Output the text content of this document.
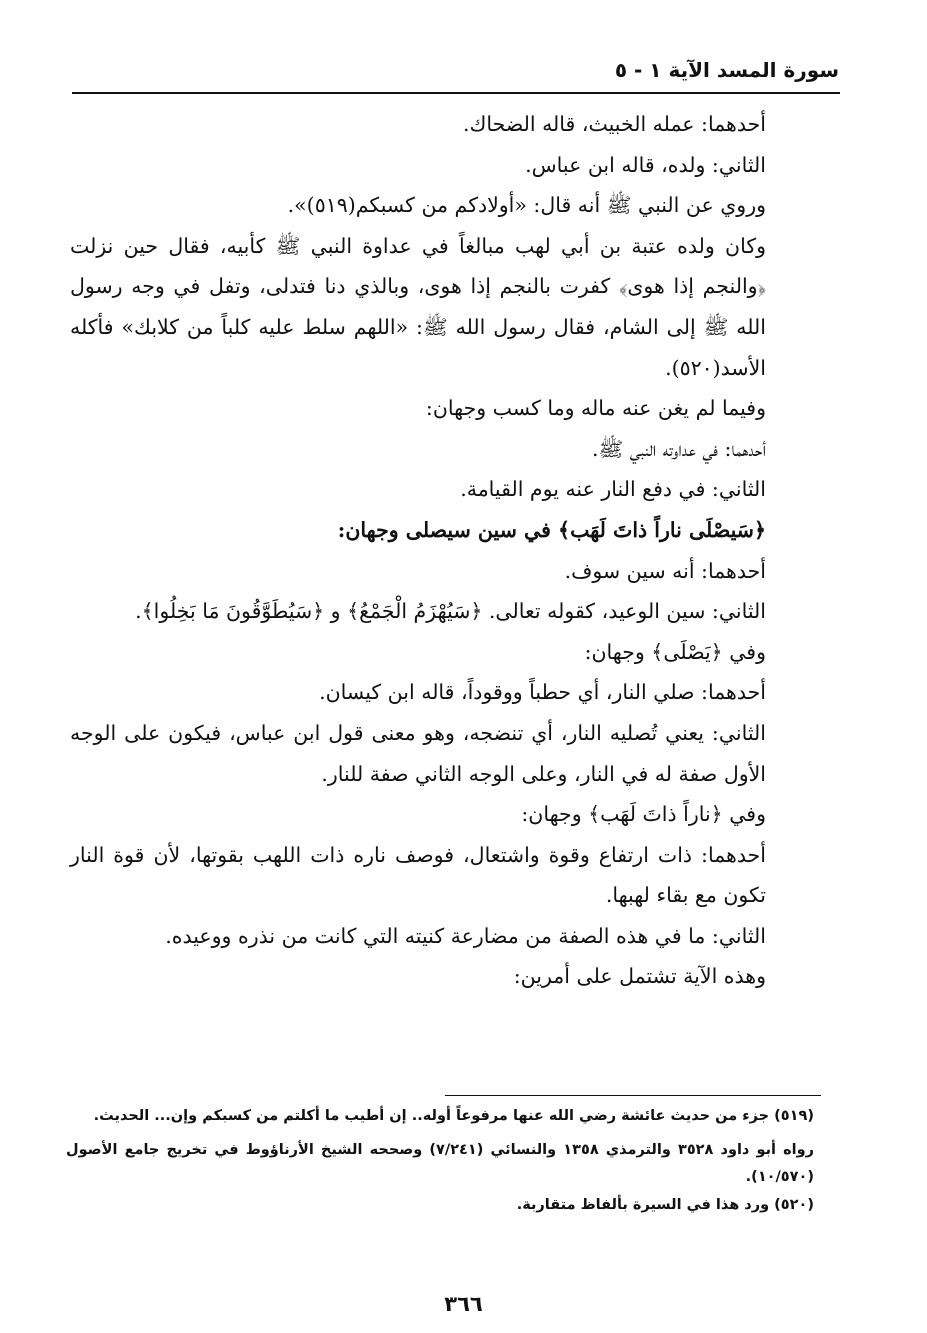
سورة المسد الآية ١ - ٥

أحدهما: عمله الخبيث، قاله الضحاك.

الثاني: ولده، قاله ابن عباس.

وروي عن النبي ﷺ أنه قال: «أولادكم من كسبكم(٥١٩)».

وكان ولده عتبة بن أبي لهب مبالغاً في عداوة النبي ﷺ كأبيه، فقال حين نزلت ﴿والنجم إذا هوى﴾ كفرت بالنجم إذا هوى، وبالذي دنا فتدلى، وتفل في وجه رسول الله ﷺ إلى الشام، فقال رسول الله ﷺ: «اللهم سلط عليه كلباً من كلابك» فأكله الأسد(٥٢٠).

وفيما لم يغن عنه ماله وما كسب وجهان:

أحدهما: في عداوته النبي ﷺ.

الثاني: في دفع النار عنه يوم القيامة.

﴿سَيصْلَى ناراً ذاتَ لَهَب﴾ في سين سيصلى وجهان:

أحدهما: أنه سين سوف.

الثاني: سين الوعيد، كقوله تعالى. ﴿سَيُهْزَمُ الْجَمْعُ﴾ و ﴿سَيُطَوَّقُونَ مَا بَخِلُوا﴾.

وفي ﴿يَصْلَى﴾ وجهان:

أحدهما: صلي النار، أي حطباً ووقوداً، قاله ابن كيسان.

الثاني: يعني تُصليه النار، أي تنضجه، وهو معنى قول ابن عباس، فيكون على الوجه الأول صفة له في النار، وعلى الوجه الثاني صفة للنار.

وفي ﴿ناراً ذاتَ لَهَب﴾ وجهان:

أحدهما: ذات ارتفاع وقوة واشتعال، فوصف ناره ذات اللهب بقوتها، لأن قوة النار تكون مع بقاء لهبها.

الثاني: ما في هذه الصفة من مضارعة كنيته التي كانت من نذره ووعيده.

وهذه الآية تشتمل على أمرين:

(٥١٩) جزء من حديث عائشة رضي الله عنها مرفوعاً أوله.. إن أطيب ما أكلتم من كسبكم وإن... الحديث.

رواه أبو داود ٣٥٢٨ والترمذي ١٣٥٨ والنسائي (٧/٢٤١) وصححه الشيخ الأرناؤوط في تخريج جامع الأصول (١٠/٥٧٠).

(٥٢٠) ورد هذا في السيرة بألفاظ متقاربة.

٣٦٦
